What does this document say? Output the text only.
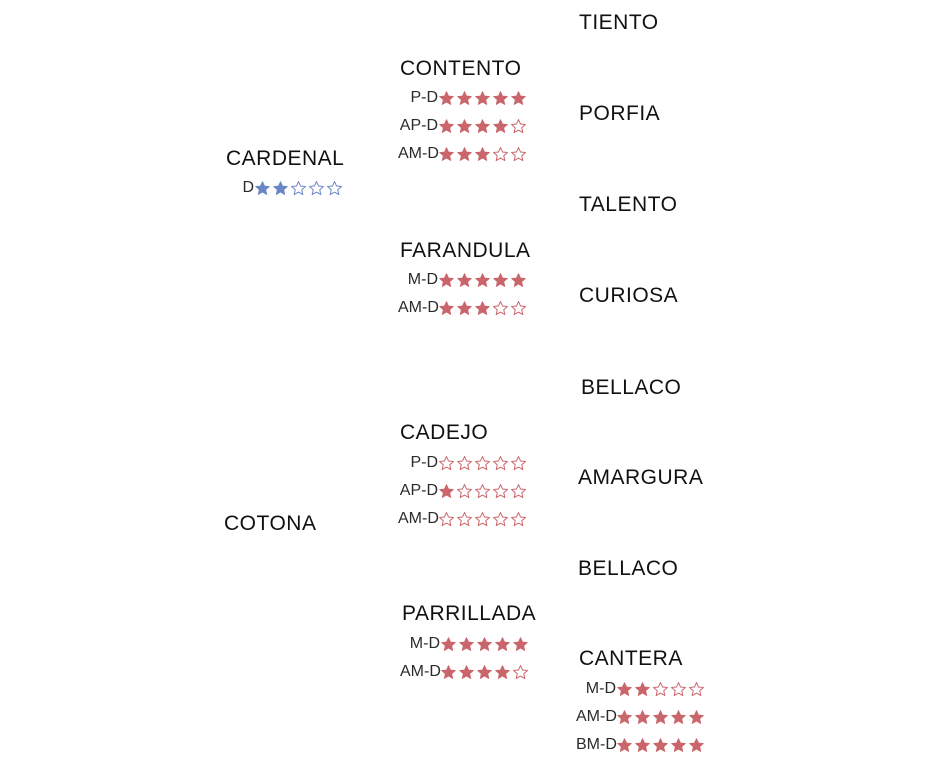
CARDENAL
D
COTONA
CONTENTO
P-D
AP-D
AM-D
FARANDULA
M-D
AM-D
CADEJO
P-D
AP-D
AM-D
PARRILLADA
M-D
AM-D
TIENTO
PORFIA
TALENTO
CURIOSA
BELLACO
AMARGURA
BELLACO
CANTERA
M-D
AM-D
BM-D
